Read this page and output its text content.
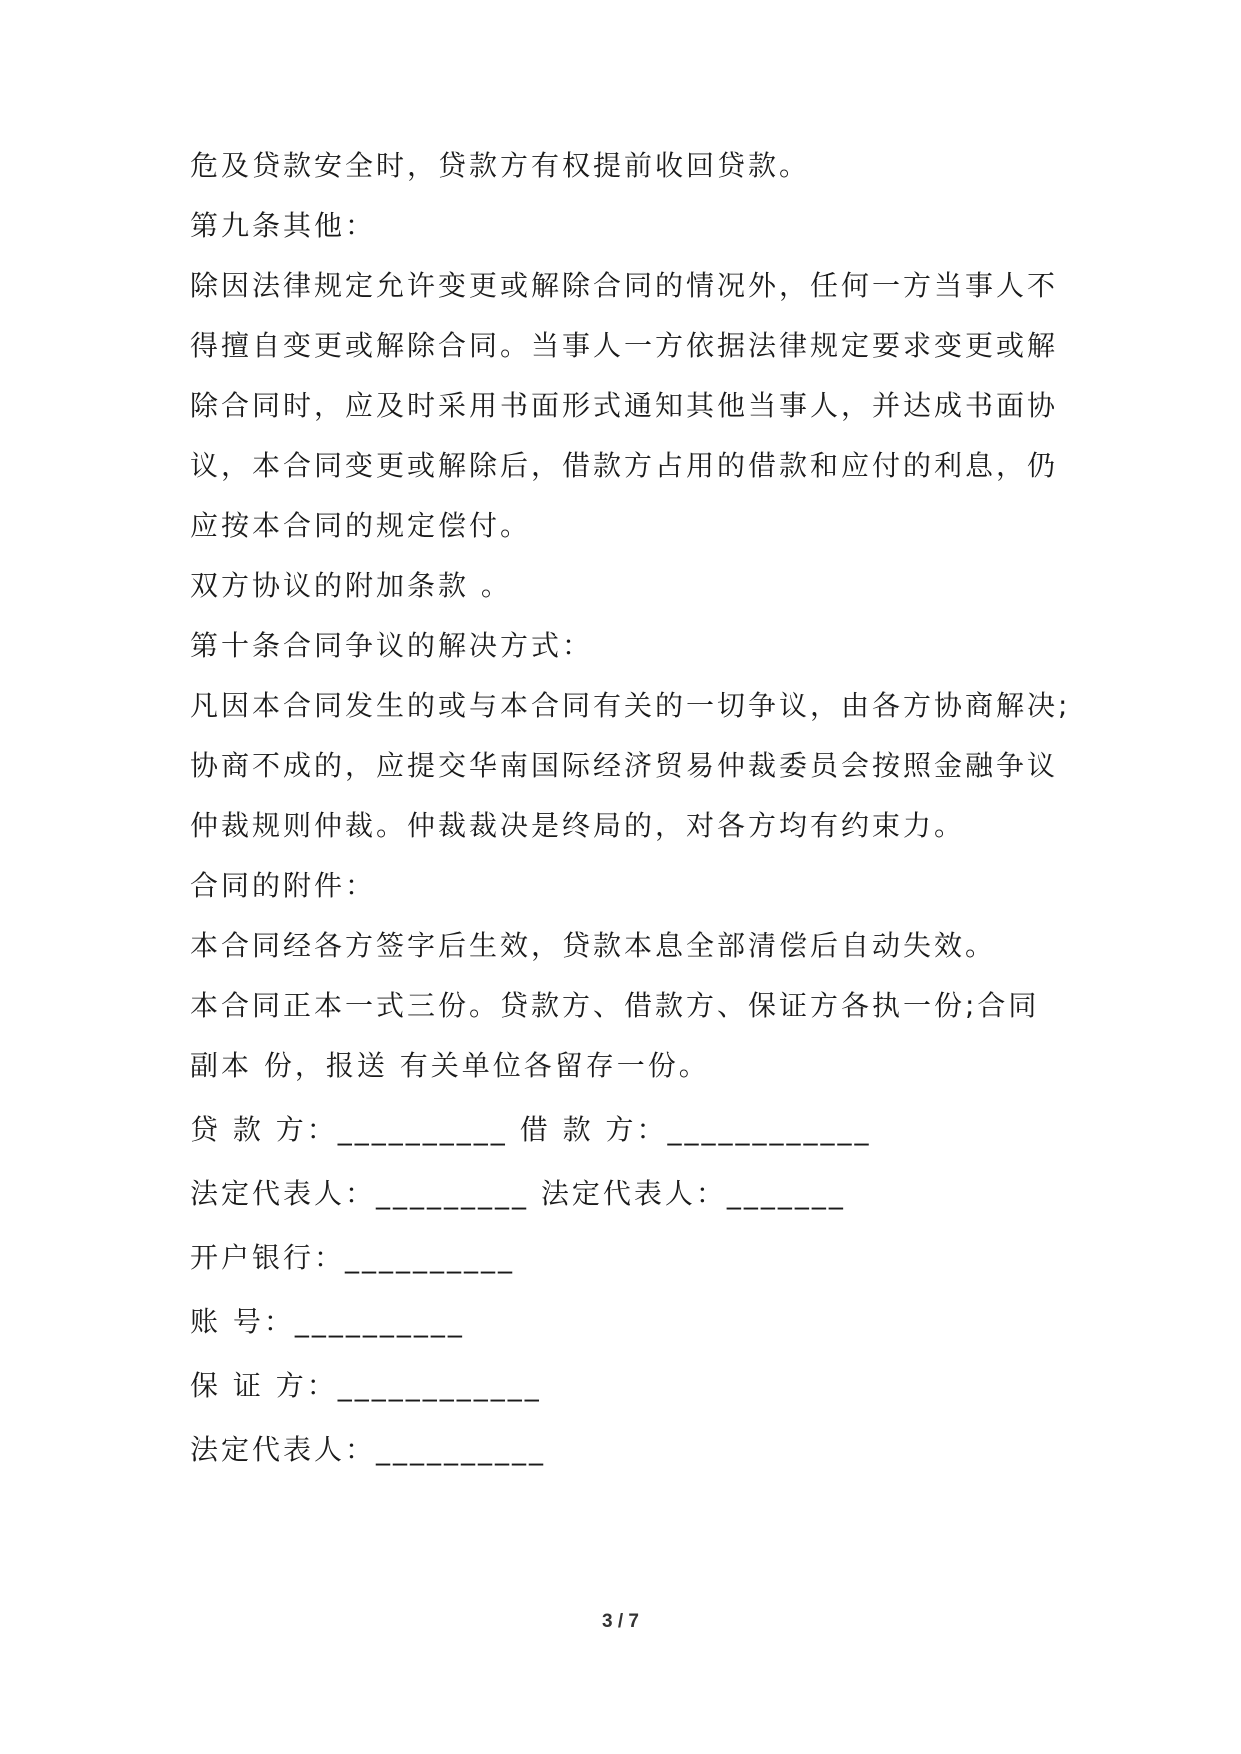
危及贷款安全时，贷款方有权提前收回贷款。
第九条其他：
除因法律规定允许变更或解除合同的情况外，任何一方当事人不
得擅自变更或解除合同。当事人一方依据法律规定要求变更或解
除合同时，应及时采用书面形式通知其他当事人，并达成书面协
议，本合同变更或解除后，借款方占用的借款和应付的利息，仍
应按本合同的规定偿付。
双方协议的附加条款 。
第十条合同争议的解决方式：
凡因本合同发生的或与本合同有关的一切争议，由各方协商解决;
协商不成的，应提交华南国际经济贸易仲裁委员会按照金融争议
仲裁规则仲裁。仲裁裁决是终局的，对各方均有约束力。
合同的附件：
本合同经各方签字后生效，贷款本息全部清偿后自动失效。
本合同正本一式三份。贷款方、借款方、保证方各执一份;合同
副本 份，报送 有关单位各留存一份。
贷 款 方：__________ 借 款 方：____________
法定代表人：_________ 法定代表人：_______
开户银行：__________
账 号：__________
保 证 方：____________
法定代表人：__________
3 / 7
